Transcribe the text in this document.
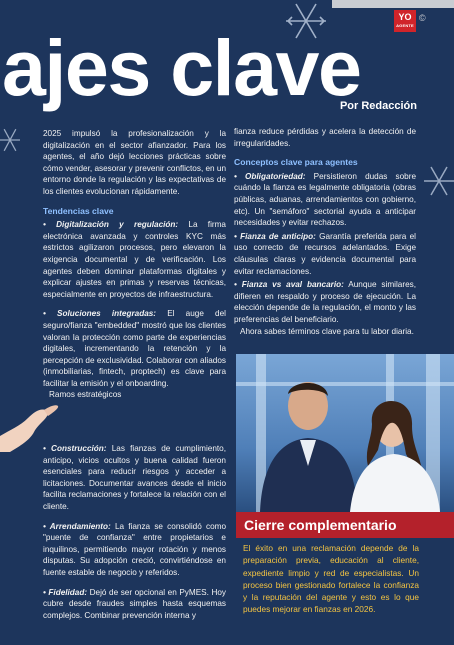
YO
AGENTE
©
ajes clave
Por Redacción

2025 impulsó la profesionalización y la digitalización en el sector afianzador. Para los agentes, el año dejó lecciones prácticas sobre cómo vender, asesorar y prevenir conflictos, en un entorno donde la regulación y las expectativas de los clientes evolucionan rápidamente.

Tendencias clave
• Digitalización y regulación: La firma electrónica avanzada y controles KYC más estrictos agilizaron procesos, pero elevaron la exigencia documental y de verificación. Los agentes deben dominar plataformas digitales y explicar ajustes en primas y reservas técnicas, especialmente en proyectos de infraestructura.
• Soluciones integradas: El auge del seguro/fianza "embedded" mostró que los clientes valoran la protección como parte de experiencias digitales, incrementando la retención y la percepción de exclusividad. Colaborar con aliados (inmobiliarias, fintech, proptech) es clave para facilitar la emisión y el onboarding.
Ramos estratégicos
• Construcción: Las fianzas de cumplimiento, anticipo, vicios ocultos y buena calidad fueron esenciales para reducir riesgos y acceder a licitaciones. Documentar avances desde el inicio facilita reclamaciones y fortalece la relación con el cliente.
• Arrendamiento: La fianza se consolidó como "puente de confianza" entre propietarios e inquilinos, permitiendo mayor rotación y menos disputas. Su adopción creció, convirtiéndose en fuente estable de negocio y referidos.
• Fidelidad: Dejó de ser opcional en PyMES. Hoy cubre desde fraudes simples hasta esquemas complejos. Combinar prevención interna y

fianza reduce pérdidas y acelera la detección de irregularidades.

Conceptos clave para agentes
• Obligatoriedad: Persistieron dudas sobre cuándo la fianza es legalmente obligatoria (obras públicas, aduanas, arrendamientos con gobierno, etc). Un "semáforo" sectorial ayuda a anticipar necesidades y evitar rechazos.
• Fianza de anticipo: Garantía preferida para el uso correcto de recursos adelantados. Exige cláusulas claras y evidencia documental para evitar reclamaciones.
• Fianza vs aval bancario: Aunque similares, difieren en respaldo y proceso de ejecución. La elección depende de la regulación, el monto y las preferencias del beneficiario.
Ahora sabes términos clave para tu labor diaria.
Cierre complementario
El éxito en una reclamación depende de la preparación previa, educación al cliente, expediente limpio y red de especialistas. Un proceso bien gestionado fortalece la confianza y la reputación del agente y esto es lo que puedes mejorar en fianzas en 2026.
